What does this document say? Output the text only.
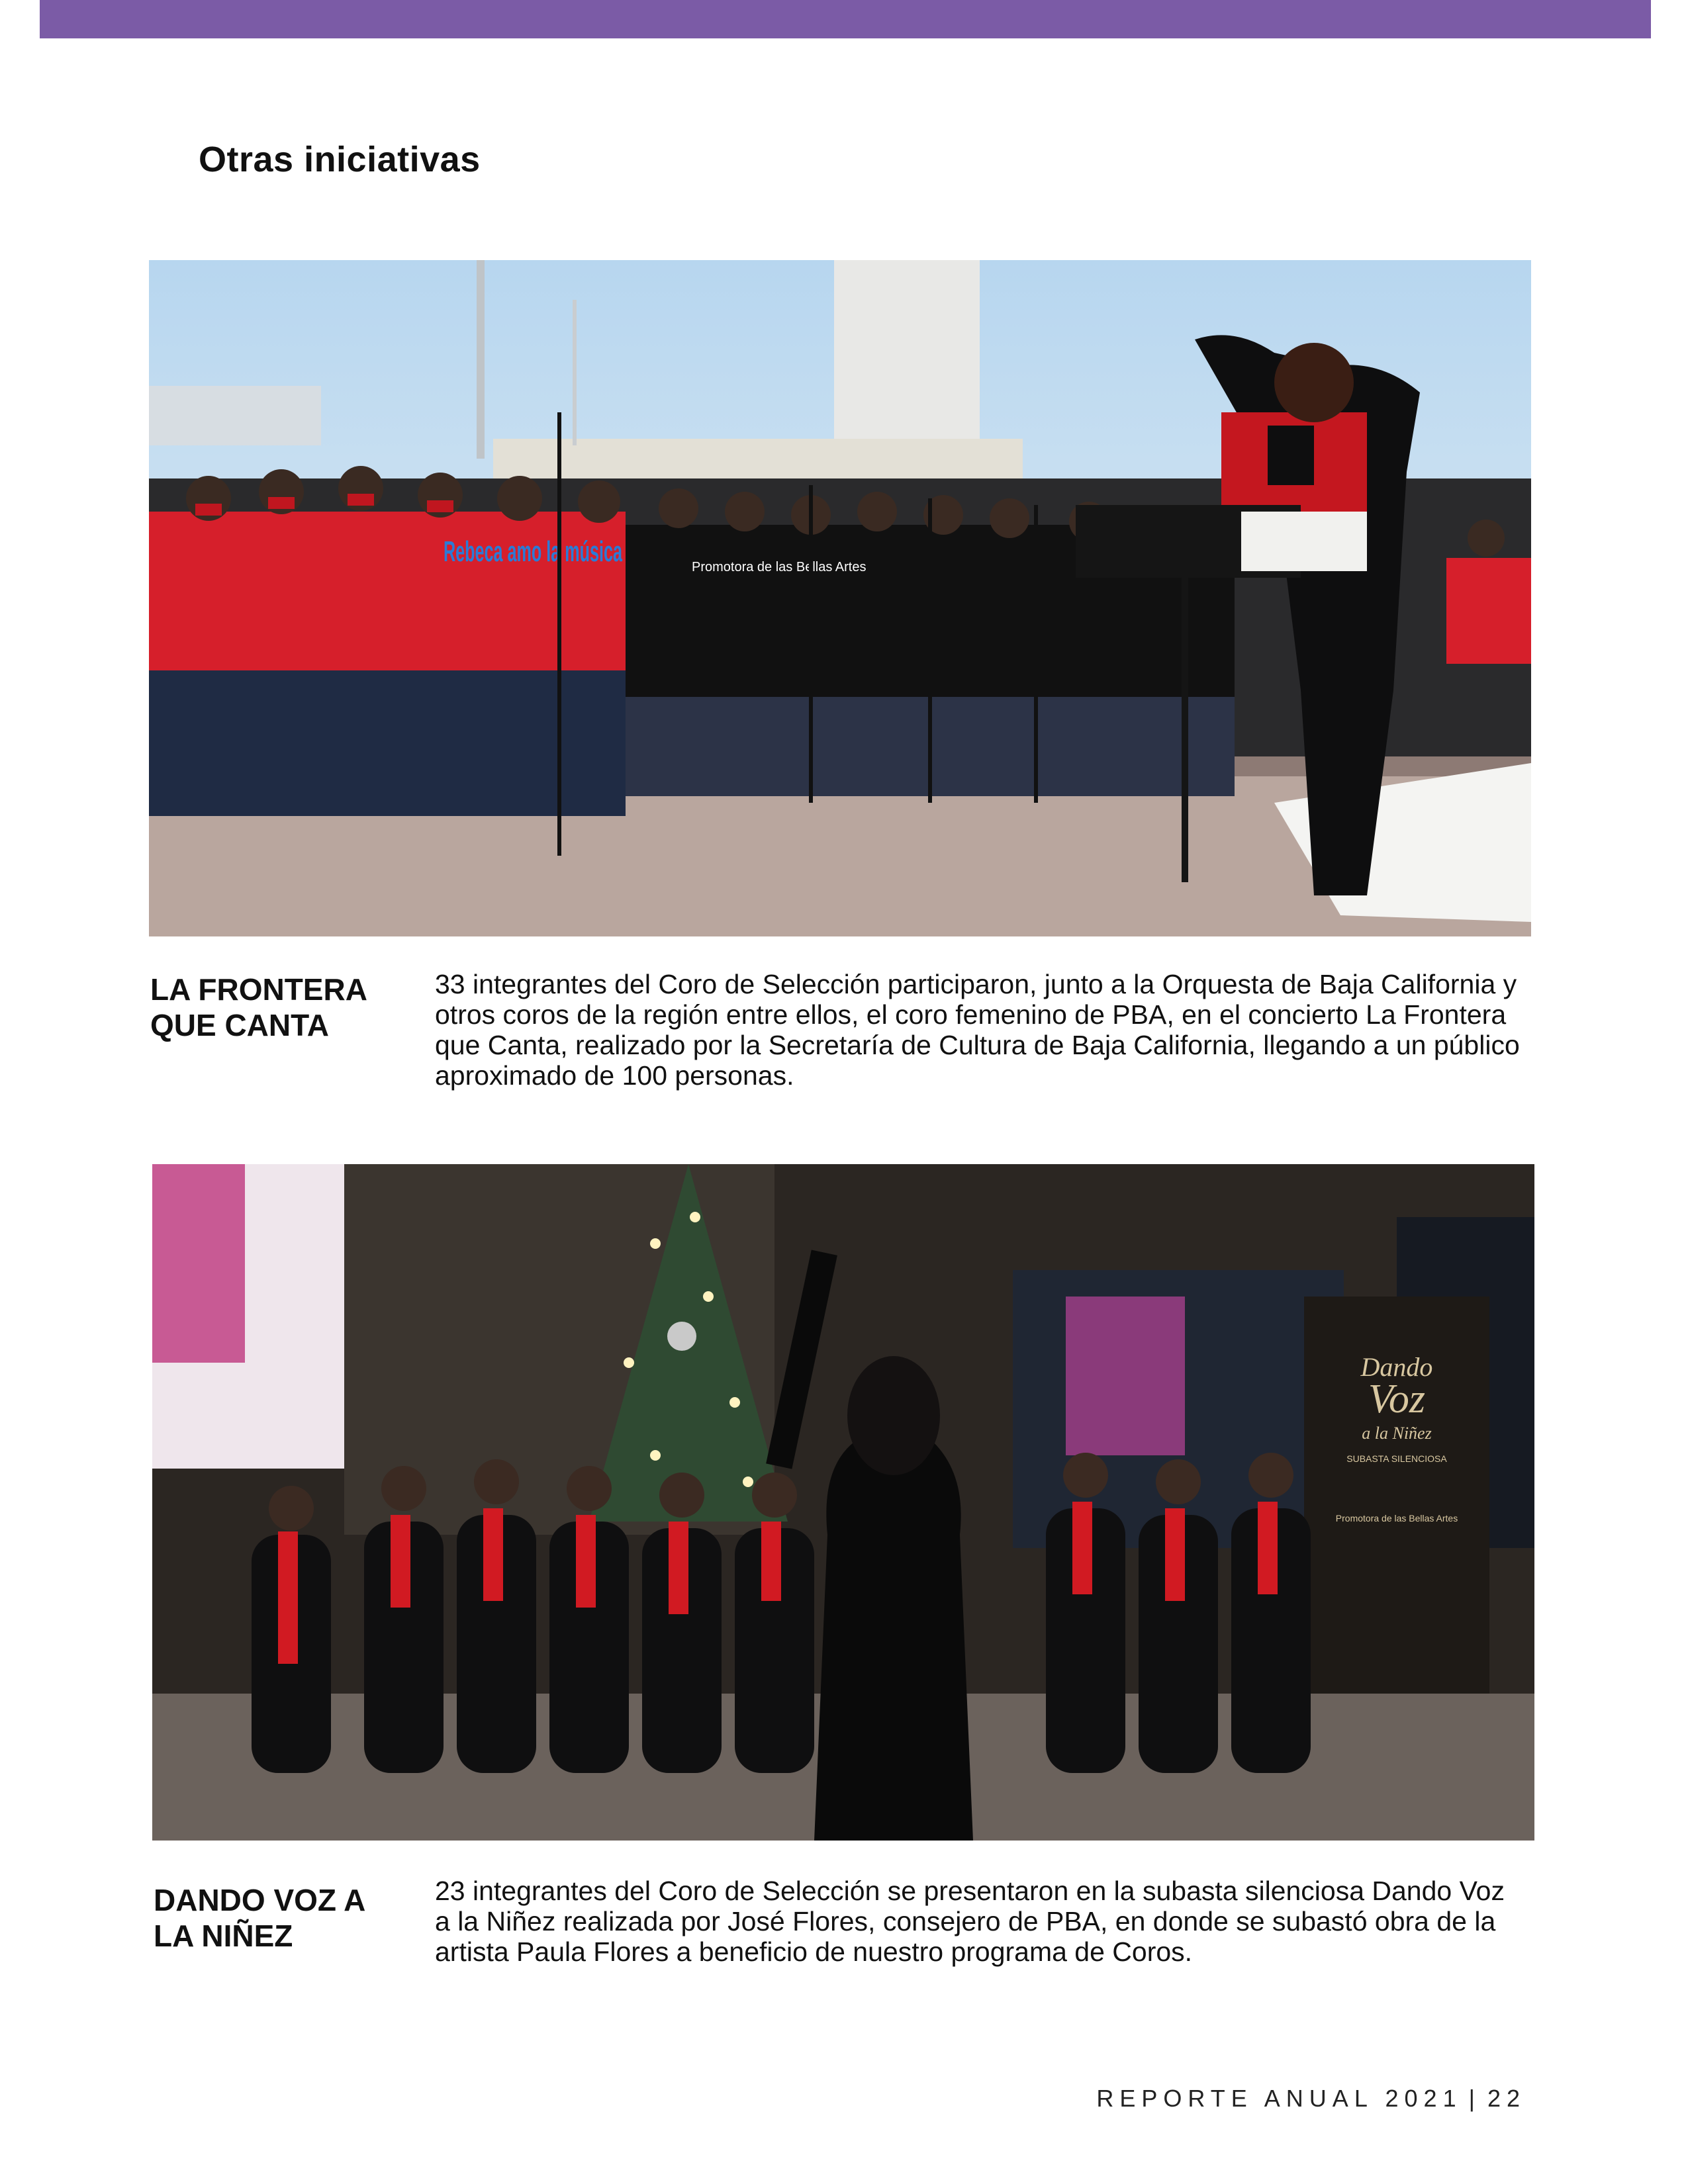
Otras iniciativas
Rebeca amo la música	Promotora de las Bellas Artes
LA FRONTERA
QUE CANTA
33 integrantes del Coro de Selección participaron, junto a la Orquesta de Baja California y otros coros de la región entre ellos, el coro femenino de PBA, en el concierto La Frontera que Canta, realizado por la Secretaría de Cultura de Baja California, llegando a un público aproximado de 100 personas.
Dando
Voz
a la Niñez
SUBASTA SILENCIOSA
Promotora de las Bellas Artes
DANDO VOZ A
LA NIÑEZ
23 integrantes del Coro de Selección se presentaron en la subasta silenciosa Dando Voz a la Niñez realizada por José Flores, consejero de PBA, en donde se subastó obra de la artista Paula Flores a beneficio de nuestro programa de Coros.
REPORTE ANUAL 2021 | 22
